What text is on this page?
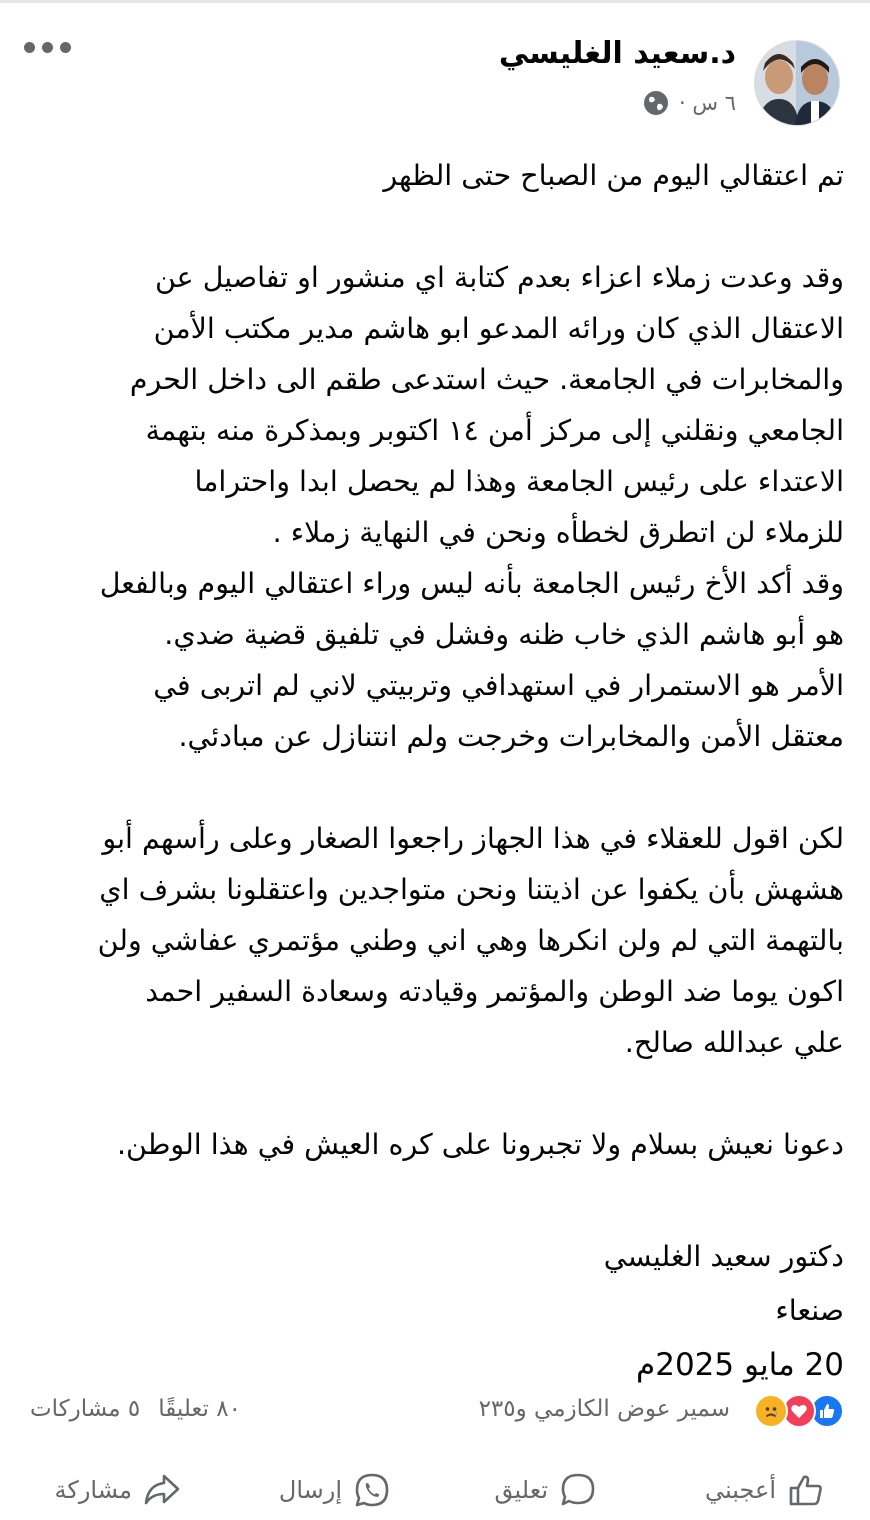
د.سعيد الغليسي
٦ س ·
تم اعتقالي اليوم من الصباح حتى الظهر
وقد وعدت زملاء اعزاء بعدم كتابة اي منشور او تفاصيل عن
الاعتقال الذي كان ورائه المدعو ابو هاشم مدير مكتب الأمن
والمخابرات في الجامعة. حيث استدعى طقم الى داخل الحرم
الجامعي ونقلني إلى مركز أمن ١٤ اكتوبر وبمذكرة منه بتهمة
الاعتداء على رئيس الجامعة وهذا لم يحصل ابدا واحتراما
للزملاء لن اتطرق لخطأه ونحن في النهاية زملاء .
وقد أكد الأخ رئيس الجامعة بأنه ليس وراء اعتقالي اليوم وبالفعل
هو أبو هاشم الذي خاب ظنه وفشل في تلفيق قضية ضدي.
الأمر هو الاستمرار في استهدافي وتربيتي لاني لم اتربى في
معتقل الأمن والمخابرات وخرجت ولم انتنازل عن مبادئي.
لكن اقول للعقلاء في هذا الجهاز راجعوا الصغار وعلى رأسهم أبو
هشهش بأن يكفوا عن اذيتنا ونحن متواجدين واعتقلونا بشرف اي
بالتهمة التي لم ولن انكرها وهي اني وطني مؤتمري عفاشي ولن
اكون يوما ضد الوطن والمؤتمر وقيادته وسعادة السفير احمد
علي عبدالله صالح.
دعونا نعيش بسلام ولا تجبرونا على كره العيش في هذا الوطن.
دكتور سعيد الغليسي
صنعاء
20 مايو 2025م
سمير عوض الكازمي و٢٣٥
٨٠ تعليقًا
٥ مشاركات
أعجبني
تعليق
إرسال
مشاركة
